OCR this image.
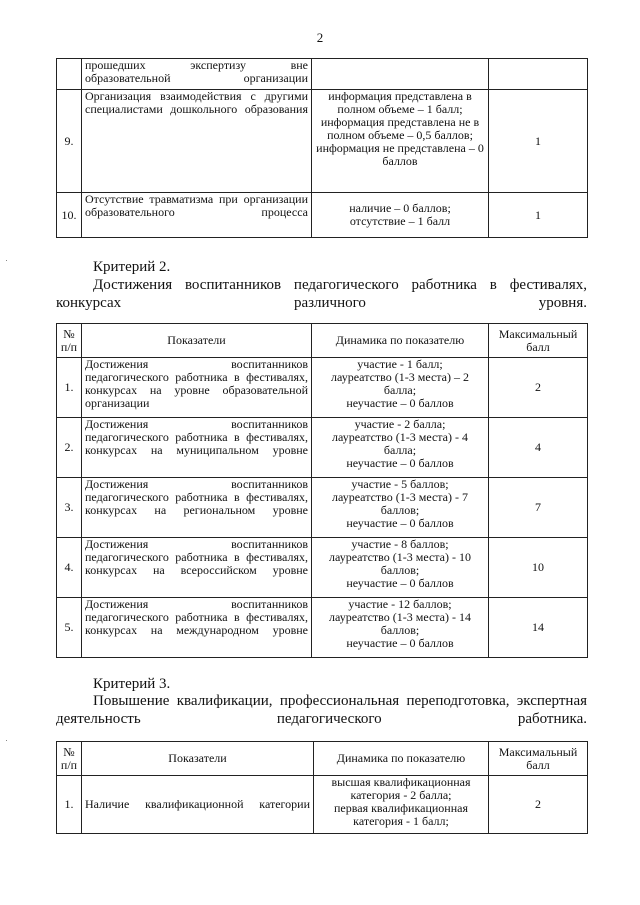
2
	прошедших экспертизу вне образовательной организации		
9.	Организация взаимодействия с другими специалистами дошкольного образования	информация представлена в полном объеме – 1 балл;
информация представлена не в полном объеме – 0,5 баллов;
информация не представлена – 0 баллов	1
10.	Отсутствие травматизма при организации образовательного процесса	наличие – 0 баллов;
отсутствие – 1 балл	1
Критерий 2.
Достижения воспитанников педагогического работника в фестивалях, конкурсах различного уровня.
№ п/п	Показатели	Динамика по показателю	Максимальный балл
1.	Достижения воспитанников педагогического работника в фестивалях, конкурсах на уровне образовательной организации	участие - 1 балл;
лауреатство (1-3 места) – 2 балла;
неучастие – 0 баллов	2
2.	Достижения воспитанников педагогического работника в фестивалях, конкурсах на муниципальном уровне	участие - 2 балла;
лауреатство (1-3 места) - 4 балла;
неучастие – 0 баллов	4
3.	Достижения воспитанников педагогического работника в фестивалях, конкурсах на региональном уровне	участие - 5 баллов;
лауреатство (1-3 места) - 7 баллов;
неучастие – 0 баллов	7
4.	Достижения воспитанников педагогического работника в фестивалях, конкурсах на всероссийском уровне	участие - 8 баллов;
лауреатство (1-3 места) - 10 баллов;
неучастие – 0 баллов	10
5.	Достижения воспитанников педагогического работника в фестивалях, конкурсах на международном уровне	участие - 12 баллов;
лауреатство (1-3 места) - 14 баллов;
неучастие – 0 баллов	14
Критерий 3.
Повышение квалификации, профессиональная переподготовка, экспертная деятельность педагогического работника.
№ п/п	Показатели	Динамика по показателю	Максимальный балл
1.	Наличие квалификационной категории	высшая квалификационная категория - 2 балла;
первая квалификационная категория - 1 балл;	2
